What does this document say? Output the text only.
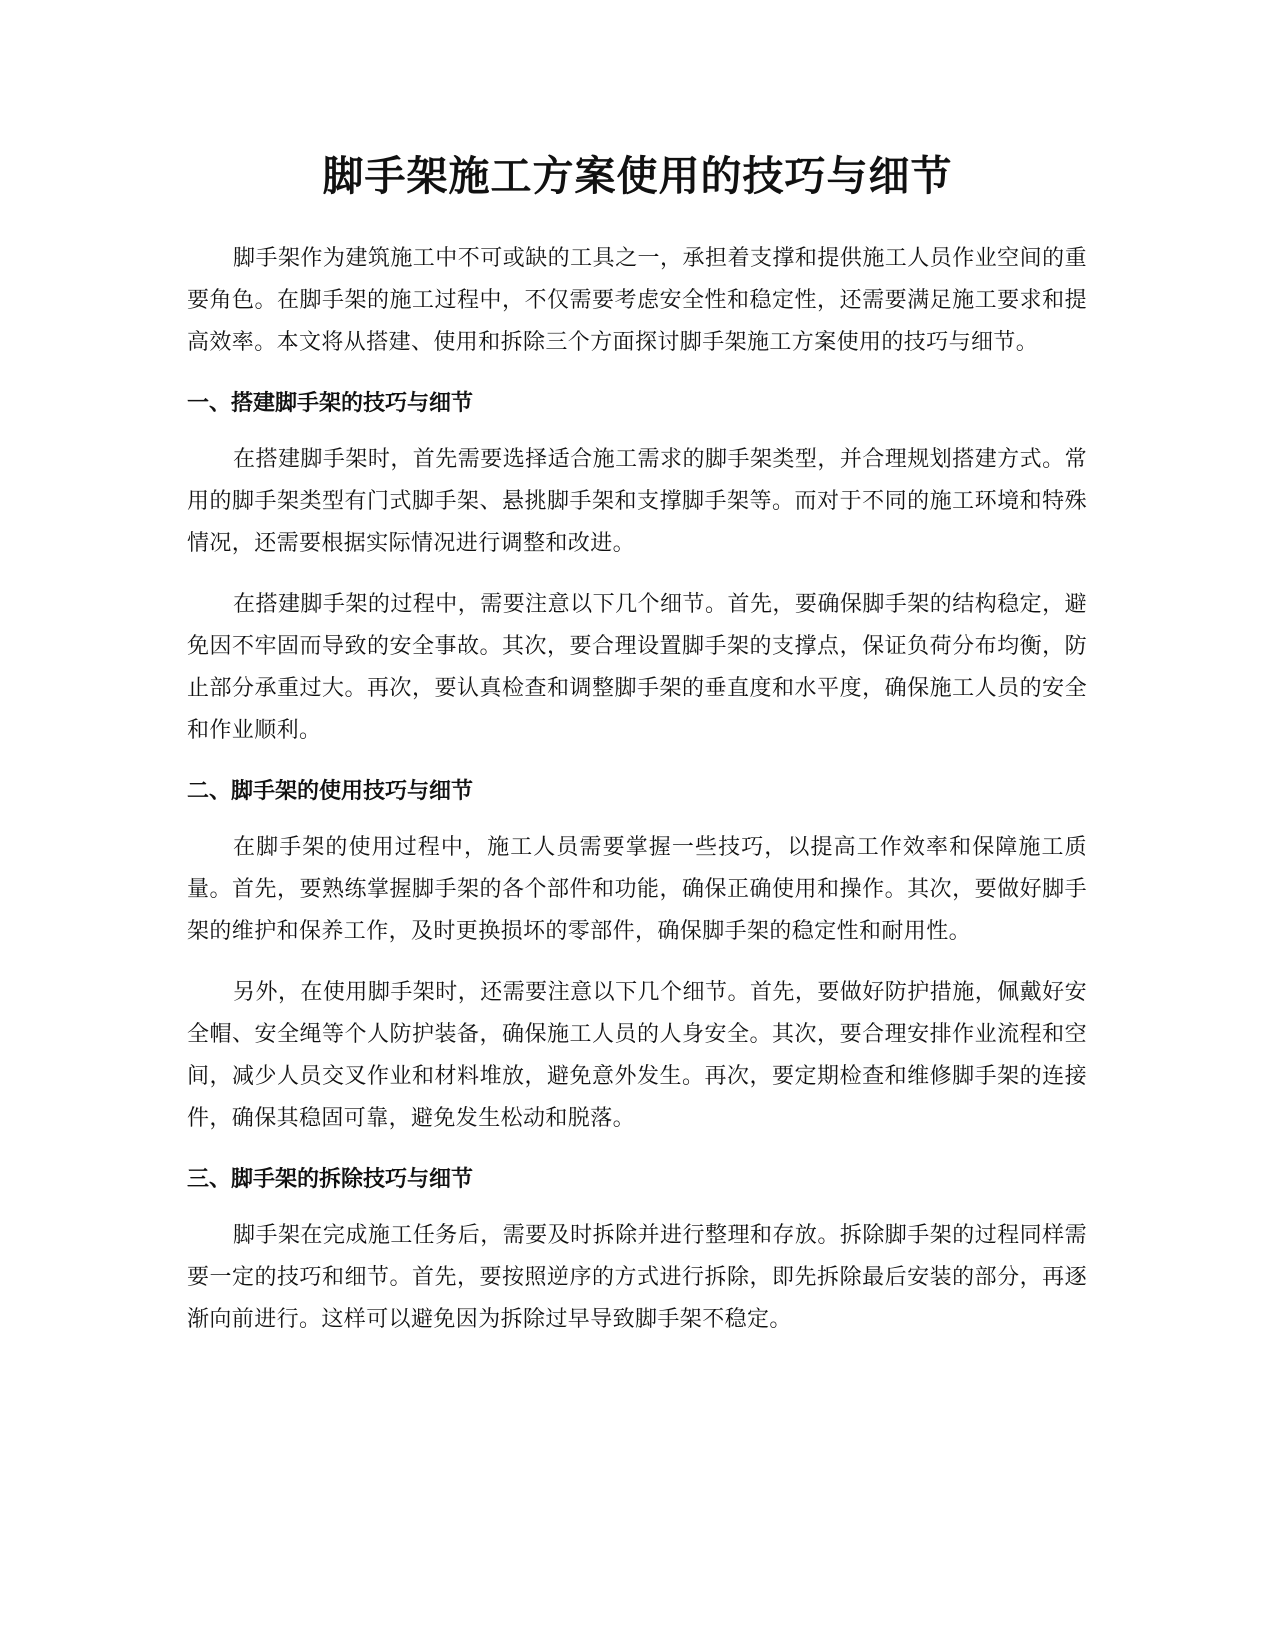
脚手架施工方案使用的技巧与细节

脚手架作为建筑施工中不可或缺的工具之一，承担着支撑和提供施工人员作业空间的重要角色。在脚手架的施工过程中，不仅需要考虑安全性和稳定性，还需要满足施工要求和提高效率。本文将从搭建、使用和拆除三个方面探讨脚手架施工方案使用的技巧与细节。

一、搭建脚手架的技巧与细节

在搭建脚手架时，首先需要选择适合施工需求的脚手架类型，并合理规划搭建方式。常用的脚手架类型有门式脚手架、悬挑脚手架和支撑脚手架等。而对于不同的施工环境和特殊情况，还需要根据实际情况进行调整和改进。

在搭建脚手架的过程中，需要注意以下几个细节。首先，要确保脚手架的结构稳定，避免因不牢固而导致的安全事故。其次，要合理设置脚手架的支撑点，保证负荷分布均衡，防止部分承重过大。再次，要认真检查和调整脚手架的垂直度和水平度，确保施工人员的安全和作业顺利。

二、脚手架的使用技巧与细节

在脚手架的使用过程中，施工人员需要掌握一些技巧，以提高工作效率和保障施工质量。首先，要熟练掌握脚手架的各个部件和功能，确保正确使用和操作。其次，要做好脚手架的维护和保养工作，及时更换损坏的零部件，确保脚手架的稳定性和耐用性。

另外，在使用脚手架时，还需要注意以下几个细节。首先，要做好防护措施，佩戴好安全帽、安全绳等个人防护装备，确保施工人员的人身安全。其次，要合理安排作业流程和空间，减少人员交叉作业和材料堆放，避免意外发生。再次，要定期检查和维修脚手架的连接件，确保其稳固可靠，避免发生松动和脱落。

三、脚手架的拆除技巧与细节

脚手架在完成施工任务后，需要及时拆除并进行整理和存放。拆除脚手架的过程同样需要一定的技巧和细节。首先，要按照逆序的方式进行拆除，即先拆除最后安装的部分，再逐渐向前进行。这样可以避免因为拆除过早导致脚手架不稳定。
